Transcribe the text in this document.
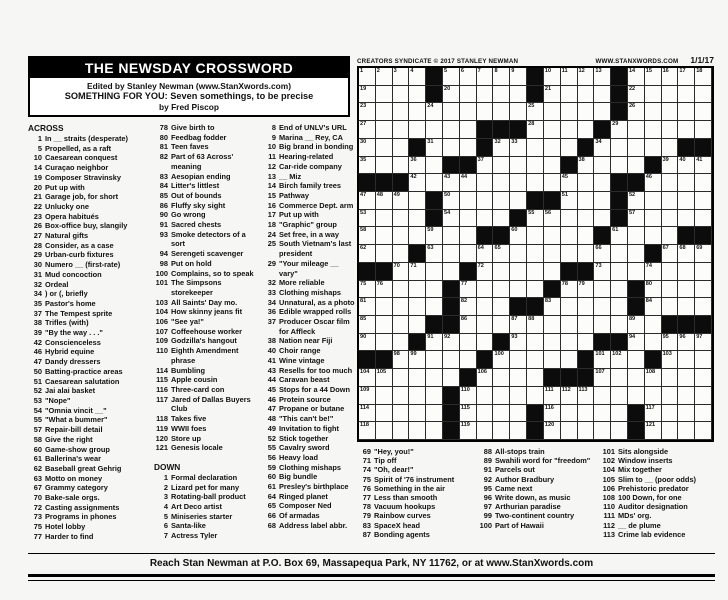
THE NEWSDAY CROSSWORD
Edited by Stanley Newman (www.StanXwords.com)
SOMETHING FOR YOU: Seven somethings, to be precise
by Fred Piscop
ACROSS
1 In __ straits (desperate)
5 Propelled, as a raft
10 Caesarean conquest
14 Curaçao neighbor
19 Composer Stravinsky
20 Put up with
21 Garage job, for short
22 Unlucky one
23 Opera habitués
26 Box-office buy, slangily
27 Natural gifts
28 Consider, as a case
29 Urban-curb fixtures
30 Numero __ (first-rate)
31 Mud concoction
32 Ordeal
34 ) or (, briefly
35 Pastor's home
37 The Tempest sprite
38 Trifles (with)
39 "By the way . . ."
42 Conscienceless
46 Hybrid equine
47 Dandy dressers
50 Batting-practice areas
51 Caesarean salutation
52 Jai alai basket
53 "Nope"
54 "Omnia vincit __"
55 "What a bummer"
57 Repair-bill detail
58 Give the right
60 Game-show group
61 Ballerina's wear
62 Baseball great Gehrig
63 Motto on money
67 Grammy category
70 Bake-sale orgs.
72 Casting assignments
73 Programs in phones
75 Hotel lobby
77 Harder to find
78 Give birth to
80 Feedbag fodder
81 Teen faves
82 Part of 63 Across' meaning
83 Aesopian ending
84 Litter's littlest
85 Out of bounds
86 Fluffy sky sight
90 Go wrong
91 Sacred chests
93 Smoke detectors of a sort
94 Serengeti scavenger
98 Put on hold
100 Complains, so to speak
101 The Simpsons storekeeper
103 All Saints' Day mo.
104 How skinny jeans fit
106 "See ya!"
107 Coffeehouse worker
109 Godzilla's hangout
110 Eighth Amendment phrase
114 Bumbling
115 Apple cousin
116 Three-card con
117 Jared of Dallas Buyers Club
118 Takes five
119 WWII foes
120 Store up
121 Genesis locale
DOWN
1 Formal declaration
2 Lizard pet for many
3 Rotating-ball product
4 Art Deco artist
5 Miniseries starter
6 Santa-like
7 Actress Tyler
8 End of UNLV's URL
9 Marina __ Rey, CA
10 Big brand in bonding
11 Hearing-related
12 Car-ride company
13 __ Miz
14 Birch family trees
15 Pathway
16 Commerce Dept. arm
17 Put up with
18 "Graphic" group
24 Set free, in a way
25 South Vietnam's last president
29 "Your mileage __ vary"
32 More reliable
33 Clothing mishaps
34 Unnatural, as a photo
36 Edible wrapped rolls
37 Producer Oscar film for Affleck
38 Nation near Fiji
40 Choir range
41 Wine vintage
43 Resells for too much
44 Caravan beast
45 Stops for a 44 Down
46 Protein source
47 Propane or butane
48 "This can't be!"
49 Invitation to fight
52 Stick together
55 Cavalry sword
56 Heavy load
59 Clothing mishaps
60 Big bundle
61 Presley's birthplace
64 Ringed planet
65 Composer Ned
66 Of armadas
68 Address label abbr.
CREATORS SYNDICATE © 2017 STANLEY NEWMAN	WWW.STANXWORDS.COM 1/1/17
1 2 3 4	5 6 7 8 9	10 11 12 13	14 15 16 17 18
19	20	21	22
23	24	25	26
27	28	29
30	31	32 33	34
35	36	37	38	39 40 41
42	43 44	45	46
47 48 49	50	51	52
53	54	55 56	57
58	59	60	61
62	63	64 65	66	67 68 69
70 71	72	73	74
75 76	77	78 79	80
81	82	83	84
85	86	87 88	89
90	91 92	93	94	95 96 97
98 99	100	101 102	103
104 105	106	107	108
109	110	111 112 113
114	115	116	117
118	119	120	121
69 "Hey, you!"
71 Tip off
74 "Oh, dear!"
75 Spirit of '76 instrument
76 Something in the air
77 Less than smooth
78 Vacuum hookups
79 Rainbow curves
83 SpaceX head
87 Bonding agents
88 All-stops train
89 Swahili word for "freedom"
91 Parcels out
92 Author Bradbury
95 Came next
96 Write down, as music
97 Arthurian paradise
99 Two-continent country
100 Part of Hawaii
101 Sits alongside
102 Window inserts
104 Mix together
105 Slim to __ (poor odds)
106 Prehistoric predator
108 100 Down, for one
110 Auditor designation
111 MDs' org.
112 __ de plume
113 Crime lab evidence
Reach Stan Newman at P.O. Box 69, Massapequa Park, NY 11762, or at www.StanXwords.com
